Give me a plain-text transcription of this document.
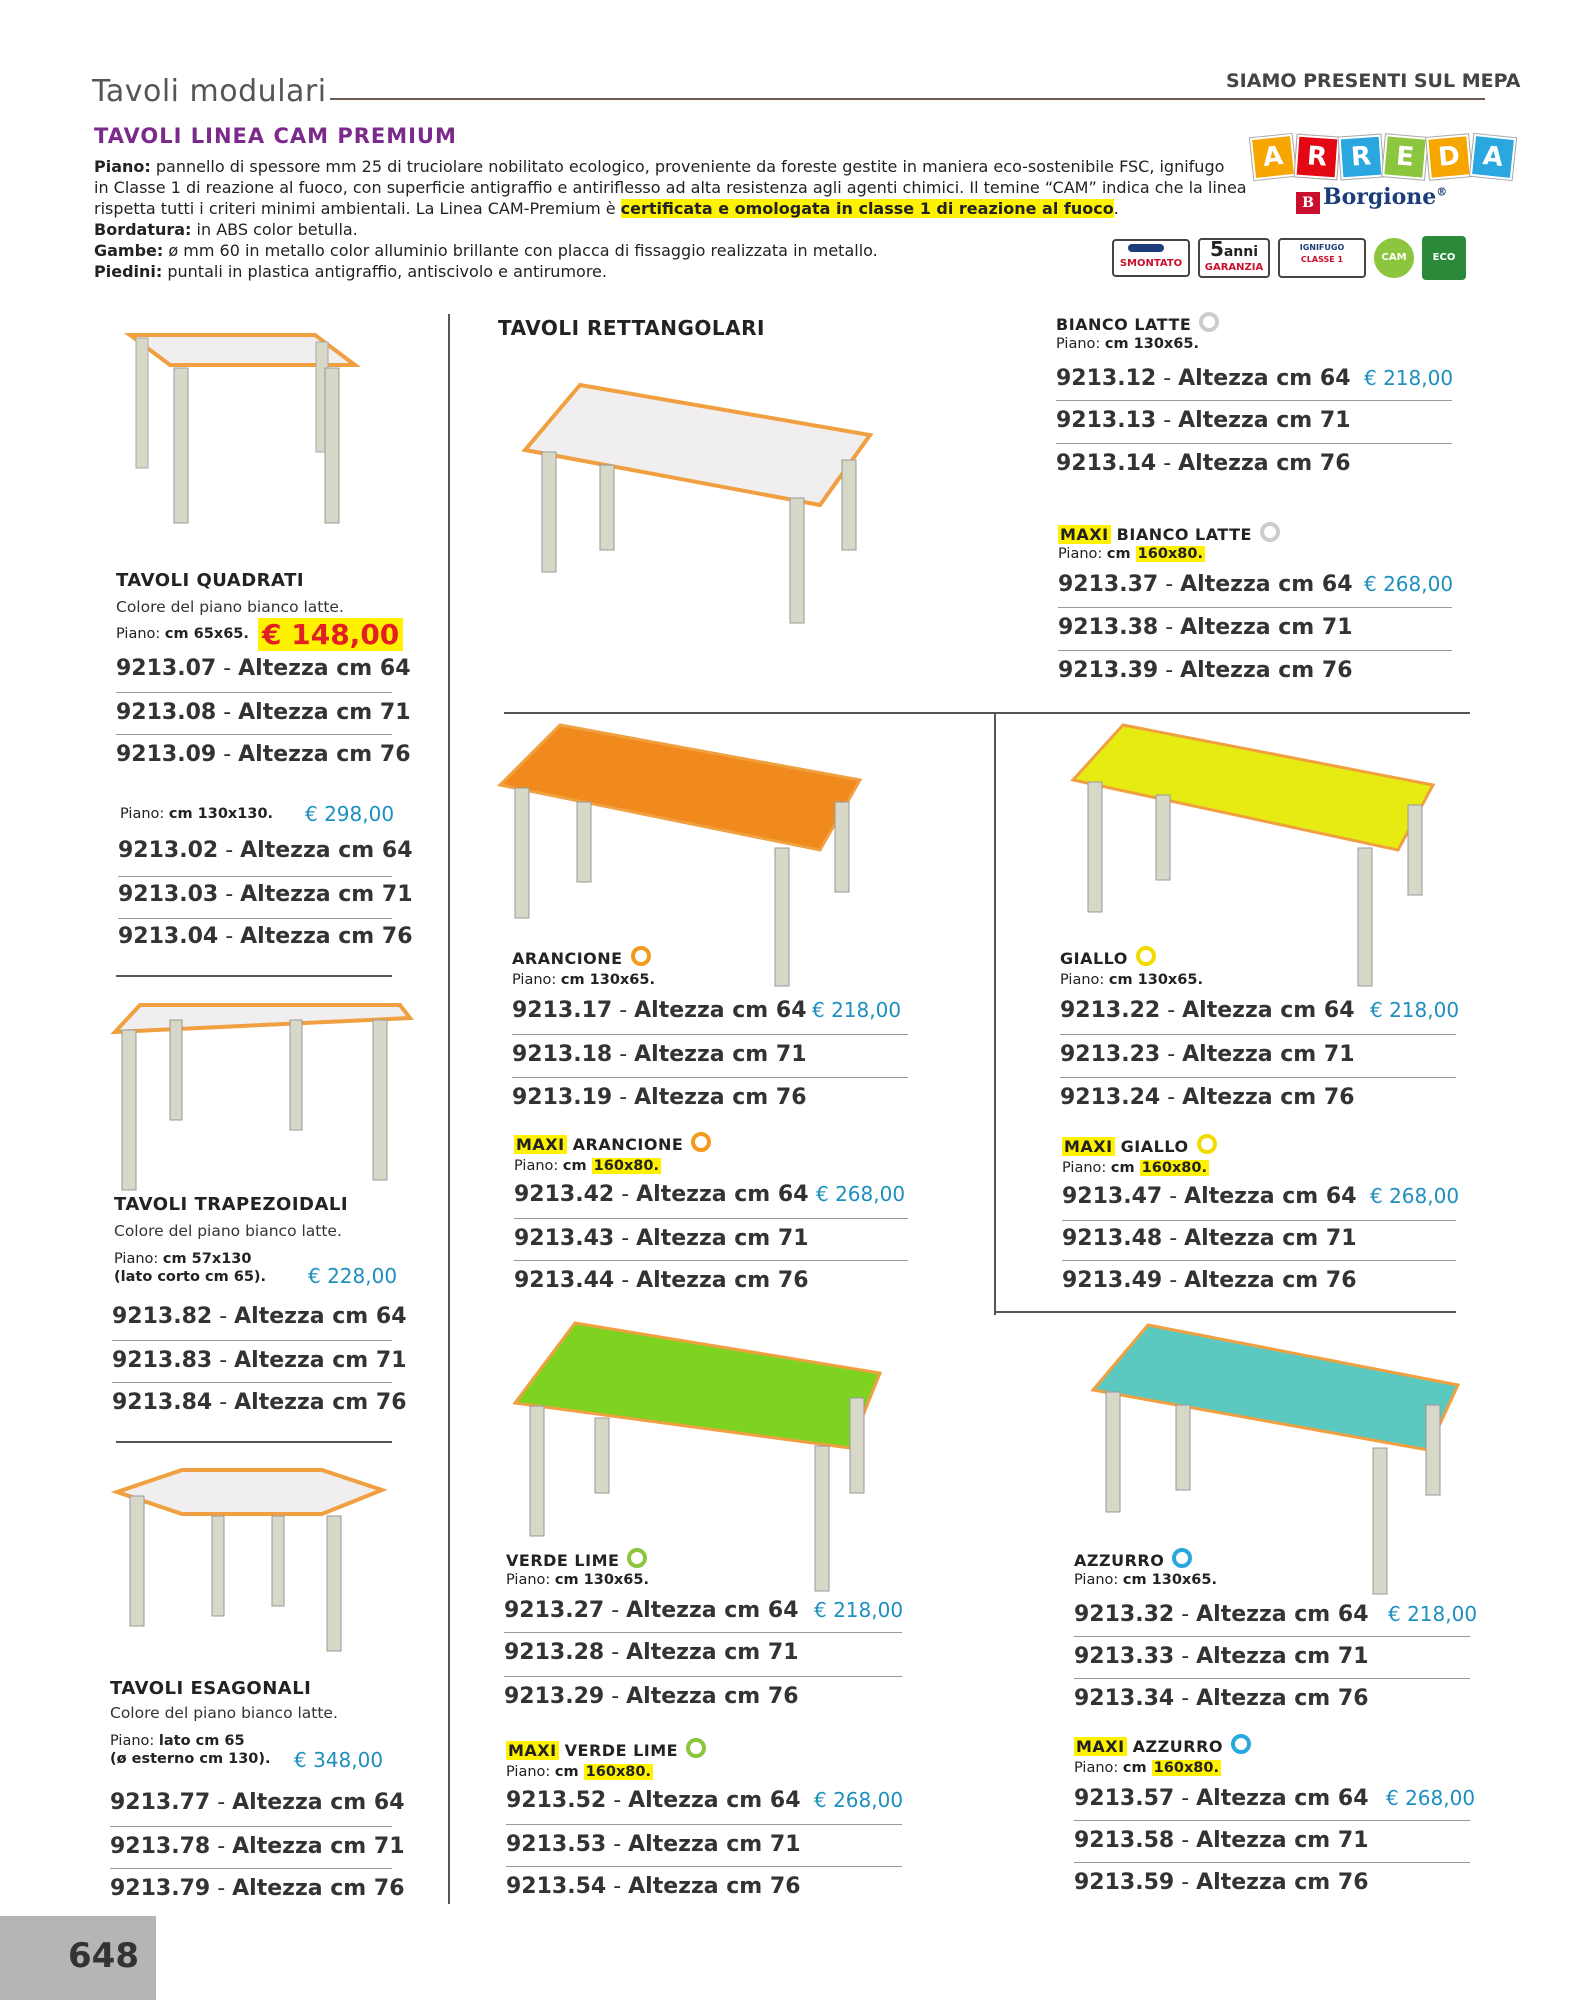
Tavoli modulari	SIAMO PRESENTI SUL MEPA
TAVOLI LINEA CAM PREMIUM
Piano: pannello di spessore mm 25 di truciolare nobilitato ecologico, proveniente da foreste gestite in maniera eco-sostenibile FSC, ignifugo
in Classe 1 di reazione al fuoco, con superficie antigraffio e antiriflesso ad alta resistenza agli agenti chimici. Il temine “CAM” indica che la linea
rispetta tutti i criteri minimi ambientali. La Linea CAM-Premium è certificata e omologata in classe 1 di reazione al fuoco.
Bordatura: in ABS color betulla.
Gambe: ø mm 60 in metallo color alluminio brillante con placca di fissaggio realizzata in metallo.
Piedini: puntali in plastica antigraffio, antiscivolo e antirumore.
A R R E D A
B Borgione®
SMONTATO
5anni
GARANZIA
IGNIFUGO
CLASSE 1	CAM	ECO
TAVOLI QUADRATI
Colore del piano bianco latte.
Piano: cm 65x65. € 148,00
9213.07 - Altezza cm 64
9213.08 - Altezza cm 71
9213.09 - Altezza cm 76
Piano: cm 130x130. € 298,00
9213.02 - Altezza cm 64
9213.03 - Altezza cm 71
9213.04 - Altezza cm 76
TAVOLI TRAPEZOIDALI
Colore del piano bianco latte.
Piano: cm 57x130
(lato corto cm 65). € 228,00
9213.82 - Altezza cm 64
9213.83 - Altezza cm 71
9213.84 - Altezza cm 76
TAVOLI ESAGONALI
Colore del piano bianco latte.
Piano: lato cm 65
(ø esterno cm 130). € 348,00
9213.77 - Altezza cm 64
9213.78 - Altezza cm 71
9213.79 - Altezza cm 76
TAVOLI RETTANGOLARI	BIANCO LATTE
Piano: cm 130x65.
9213.12 - Altezza cm 64 € 218,00
9213.13 - Altezza cm 71
9213.14 - Altezza cm 76
MAXI BIANCO LATTE
Piano: cm 160x80.
9213.37 - Altezza cm 64 € 268,00
9213.38 - Altezza cm 71
9213.39 - Altezza cm 76
ARANCIONE
Piano: cm 130x65.
9213.17 - Altezza cm 64 € 218,00
9213.18 - Altezza cm 71
9213.19 - Altezza cm 76
MAXI ARANCIONE
Piano: cm 160x80.
9213.42 - Altezza cm 64 € 268,00
9213.43 - Altezza cm 71
9213.44 - Altezza cm 76
GIALLO
Piano: cm 130x65.
9213.22 - Altezza cm 64 € 218,00
9213.23 - Altezza cm 71
9213.24 - Altezza cm 76
MAXI GIALLO
Piano: cm 160x80.
9213.47 - Altezza cm 64 € 268,00
9213.48 - Altezza cm 71
9213.49 - Altezza cm 76
VERDE LIME
Piano: cm 130x65.
9213.27 - Altezza cm 64 € 218,00
9213.28 - Altezza cm 71
9213.29 - Altezza cm 76
MAXI VERDE LIME
Piano: cm 160x80.
9213.52 - Altezza cm 64 € 268,00
9213.53 - Altezza cm 71
9213.54 - Altezza cm 76
AZZURRO
Piano: cm 130x65.
9213.32 - Altezza cm 64 € 218,00
9213.33 - Altezza cm 71
9213.34 - Altezza cm 76
MAXI AZZURRO
Piano: cm 160x80.
9213.57 - Altezza cm 64 € 268,00
9213.58 - Altezza cm 71
9213.59 - Altezza cm 76
648
